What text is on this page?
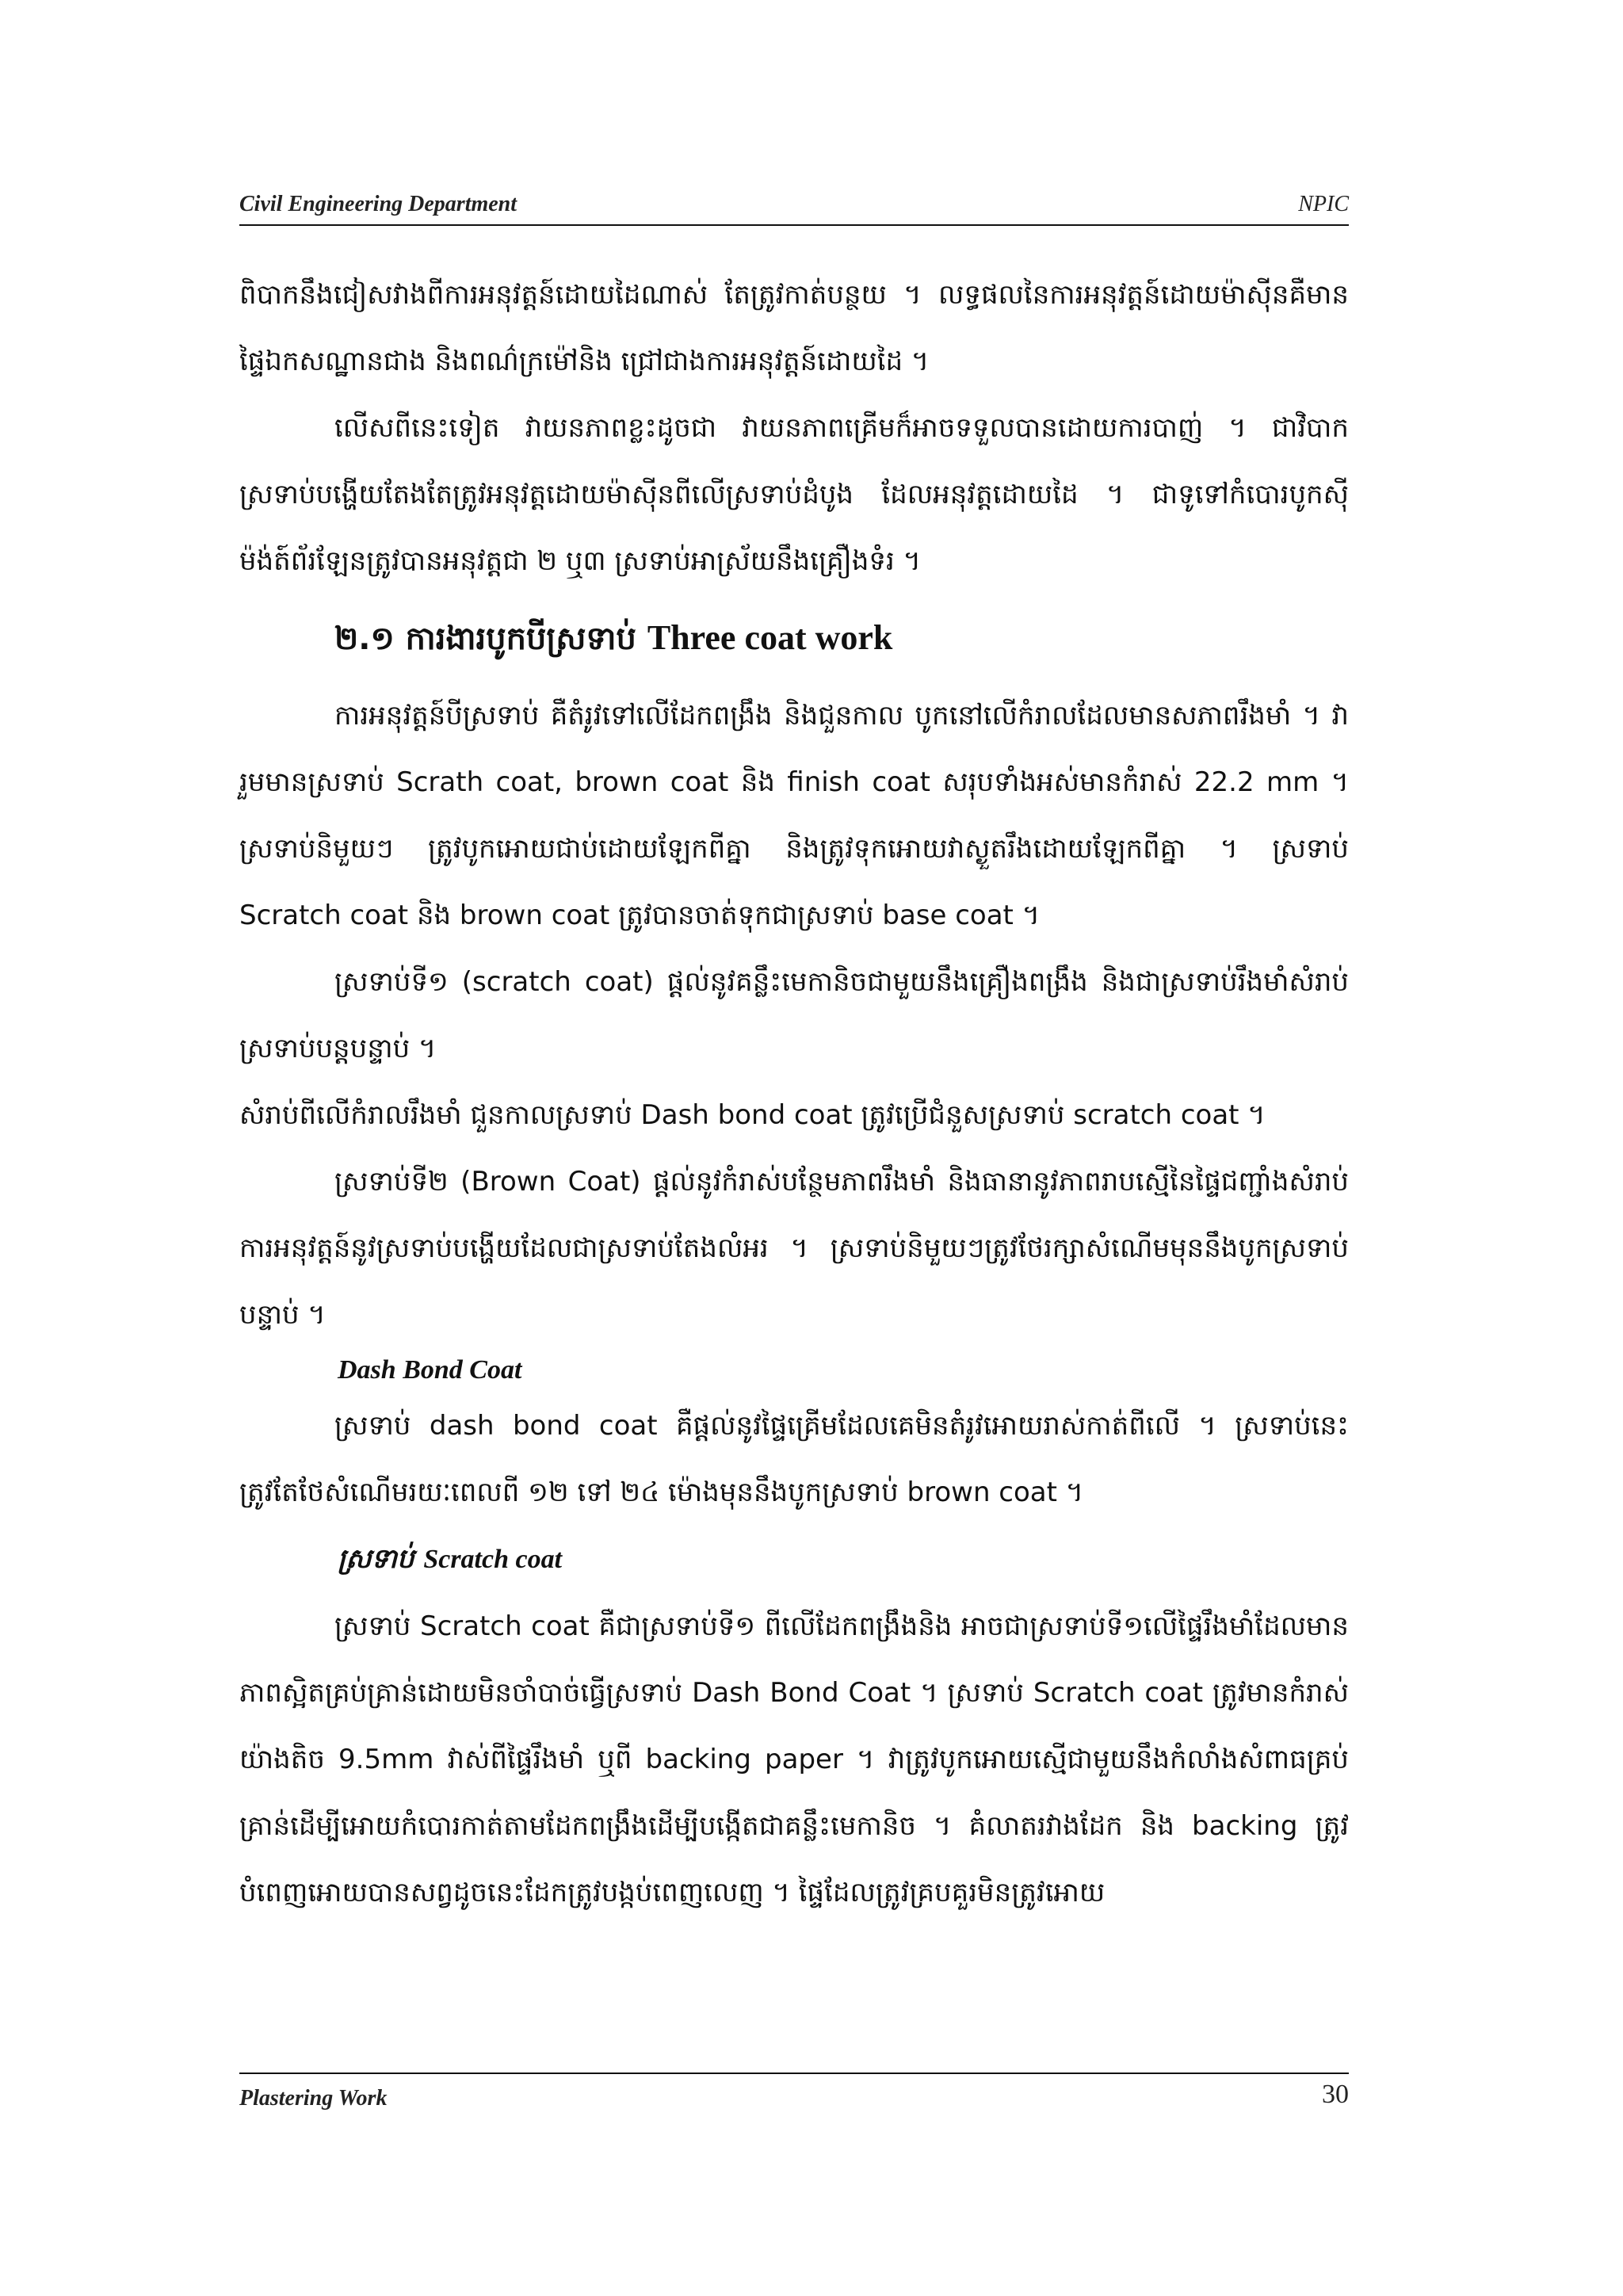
Civil Engineering Department	NPIC

ពិបាកនឹងជៀសវាងពីការអនុវត្តន៍ដោយដៃណាស់ តែត្រូវកាត់បន្ថយ ។ លទ្ធផលនៃការអនុវត្តន៍ដោយម៉ាស៊ីនគឺមានផ្ទៃឯកសណ្ឋានជាង និងពណ៌ក្រម៉ៅនិង ជ្រៅជាងការអនុវត្តន៍ដោយដៃ ។

លើសពីនេះទៀត វាយនភាពខ្លះដូចជា វាយនភាពគ្រើមក៏អាចទទួលបានដោយការបាញ់ ។ ជាវិបាក ស្រទាប់បង្ហើយតែងតែត្រូវអនុវត្តដោយម៉ាស៊ីនពីលើស្រទាប់ដំបូង ដែលអនុវត្តដោយដៃ ។ ជាទូទៅកំបោរបូកស៊ីម៉ង់ត៍ព័រឡែនត្រូវបានអនុវត្តជា ២ ឬ៣ ស្រទាប់អាស្រ័យនឹងគ្រឿងទំរ ។

២.១ ការងារបូកបីស្រទាប់ Three coat work

ការអនុវត្តន៍បីស្រទាប់ គឺតំរូវទៅលើដែកពង្រឹង និងជួនកាល បូកនៅលើកំរាលដែលមានសភាពរឹងមាំ ។ វារួមមានស្រទាប់ Scrath coat, brown coat និង finish coat សរុបទាំងអស់មានកំរាស់ 22.2 mm ។ ស្រទាប់និមួយៗ ត្រូវបូកអោយជាប់ដោយឡែកពីគ្នា និងត្រូវទុកអោយវាស្ងួតរឹងដោយឡែកពីគ្នា ។ ស្រទាប់ Scratch coat និង brown coat ត្រូវបានចាត់ទុកជាស្រទាប់ base coat ។

ស្រទាប់ទី១ (scratch coat) ផ្តល់នូវគន្លឹះមេកានិចជាមួយនឹងគ្រឿងពង្រឹង និងជាស្រទាប់រឹងមាំសំរាប់ស្រទាប់បន្តបន្ទាប់ ។

សំរាប់ពីលើកំរាលរឹងមាំ ជួនកាលស្រទាប់ Dash bond coat ត្រូវប្រើជំនួសស្រទាប់ scratch coat ។

ស្រទាប់ទី២ (Brown Coat) ផ្តល់នូវកំរាស់បន្ថែមភាពរឹងមាំ និងធានានូវភាពរាបស្មើនៃផ្ទៃជញ្ជាំងសំរាប់ការអនុវត្តន៍នូវស្រទាប់បង្ហើយដែលជាស្រទាប់តែងលំអរ ។ ស្រទាប់និមួយៗត្រូវថែរក្សាសំណើមមុននឹងបូកស្រទាប់បន្ទាប់ ។

Dash Bond Coat

ស្រទាប់ dash bond coat គឺផ្តល់នូវផ្ទៃគ្រើមដែលគេមិនតំរូវអោយរាស់កាត់ពីលើ ។ ស្រទាប់នេះត្រូវតែថែសំណើមរយៈពេលពី ១២ ទៅ ២៤ ម៉ោងមុននឹងបូកស្រទាប់ brown coat ។

ស្រទាប់ Scratch coat

ស្រទាប់ Scratch coat គឺជាស្រទាប់ទី១ ពីលើដែកពង្រឹងនិង អាចជាស្រទាប់ទី១លើផ្ទៃរឹងមាំដែលមានភាពស្អិតគ្រប់គ្រាន់ដោយមិនចាំបាច់ធ្វើស្រទាប់ Dash Bond Coat ។ ស្រទាប់ Scratch coat ត្រូវមានកំរាស់យ៉ាងតិច 9.5mm វាស់ពីផ្ទៃរឹងមាំ ឬពី backing paper ។ វាត្រូវបូកអោយស្មើជាមួយនឹងកំលាំងសំពាធគ្រប់គ្រាន់ដើម្បីអោយកំបោរកាត់តាមដែកពង្រឹងដើម្បីបង្កើតជាគន្លឹះមេកានិច ។ គំលាតរវាងដែក និង backing ត្រូវបំពេញអោយបានសព្វដូចនេះដែកត្រូវបង្កប់ពេញលេញ ។ ផ្ទៃដែលត្រូវគ្របគួរមិនត្រូវអោយ

Plastering Work	30
